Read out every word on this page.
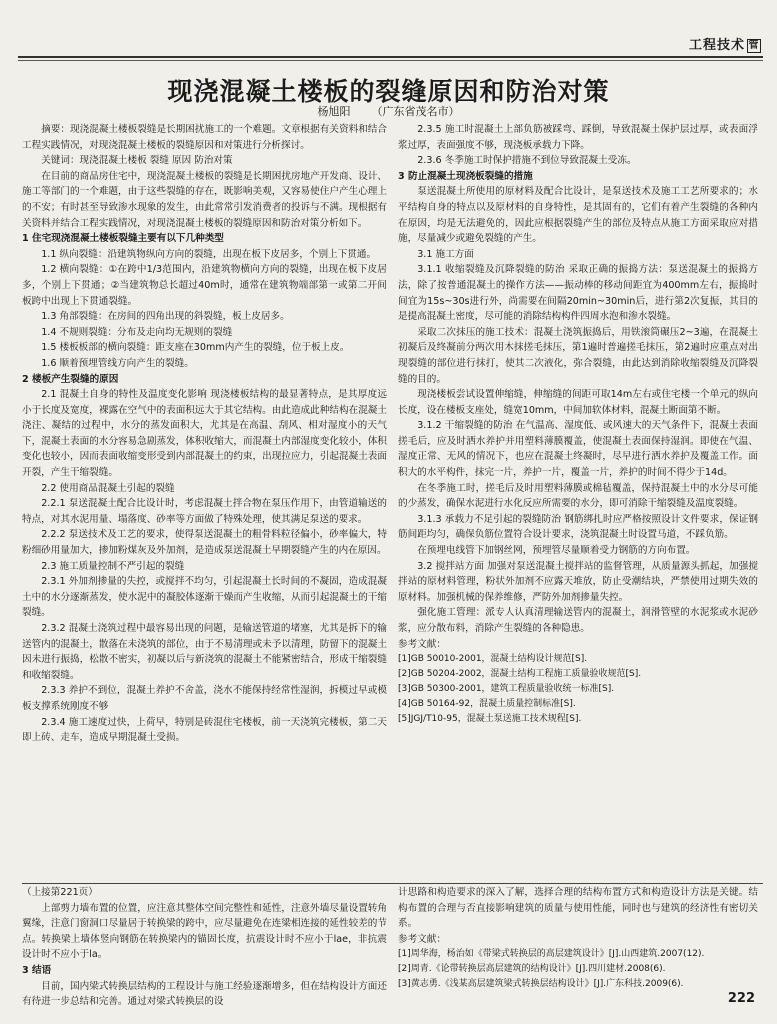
工程技术 管
现浇混凝土楼板的裂缝原因和防治对策
杨旭阳 （广东省茂名市）

摘要：现浇混凝土楼板裂缝是长期困扰施工的一个难题。文章根据有关资料和结合工程实践情况，对现浇混凝土楼板的裂缝原因和对策进行分析探讨。

关键词：现浇混凝土楼板 裂缝 原因 防治对策

在目前的商品房住宅中，现浇混凝土楼板的裂缝是长期困扰房地产开发商、设计、施工等部门的一个难题，由于这些裂缝的存在，既影响美观，又容易使住户产生心理上的不安；有时甚至导致渗水现象的发生，由此常常引发消费者的投诉与不满。现根据有关资料并结合工程实践情况，对现浇混凝土楼板的裂缝原因和防治对策分析如下。

1 住宅现浇混凝土楼板裂缝主要有以下几种类型

1.1 纵向裂缝：沿建筑物纵向方向的裂缝，出现在板下皮居多，个别上下贯通。

1.2 横向裂缝：①在跨中1/3范围内，沿建筑物横向方向的裂缝，出现在板下皮居多，个别上下贯通；②当建筑物总长超过40m时，通常在建筑物端部第一或第二开间板跨中出现上下贯通裂缝。

1.3 角部裂缝：在房间的四角出现的斜裂缝，板上皮居多。

1.4 不规则裂缝：分布及走向均无规则的裂缝

1.5 楼板板部的横向裂缝：距支座在30mm内产生的裂缝，位于板上皮。

1.6 顺着预埋管线方向产生的裂缝。

2 楼板产生裂缝的原因

2.1 混凝土自身的特性及温度变化影响 现浇楼板结构的最显著特点，是其厚度远小于长度及宽度，裸露在空气中的表面积远大于其它结构。由此造成此种结构在混凝土浇注、凝结的过程中，水分的蒸发面积大，尤其是在高温、刮风、相对湿度小的天气下，混凝土表面的水分容易急剧蒸发，体积收缩大，而混凝土内部湿度变化较小，体积变化也较小，因而表面收缩变形受到内部混凝土的约束，出现拉应力，引起混凝土表面开裂，产生干缩裂缝。

2.2 使用商品混凝土引起的裂缝

2.2.1 泵送混凝土配合比设计时，考虑混凝土拌合物在泵压作用下，由管道输送的特点，对其水泥用量、塌落度、砂率等方面做了特殊处理，使其满足泵送的要求。

2.2.2 泵送技术及工艺的要求，使得泵送混凝土的粗骨料粒径偏小，砂率偏大，特粉细砂用量加大，掺加粉煤灰及外加剂，是造成泵送混凝土早期裂缝产生的内在原因。

2.3 施工质量控制不严引起的裂缝

2.3.1 外加剂掺量的失控，或搅拌不均匀，引起混凝土长时间的不凝固，造成混凝土中的水分逐渐蒸发，使水泥中的凝胶体逐渐干燥而产生收缩，从而引起混凝土的干缩裂缝。

2.3.2 混凝土浇筑过程中最容易出现的问题，是输送管道的堵塞，尤其是拆下的输送管内的混凝土，散落在未浇筑的部位，由于不易清理或未予以清理，防留下的混凝土因未进行振捣，松散不密实，初凝以后与新浇筑的混凝土不能紧密结合，形成干缩裂缝和收缩裂缝。

2.3.3 养护不到位，混凝土养护不舍盖，浇水不能保持经常性湿润，拆模过早或模板支撑系统刚度不够

2.3.4 施工速度过快，上荷早，特别是砖混住宅楼板，前一天浇筑完楼板，第二天即上砖、走车，造成早期混凝土受损。

2.3.5 施工时混凝土上部负筋被踩弯、踩倒，导致混凝土保护层过厚，或表面浮浆过厚，表面强度不够，现浇板承载力下降。

2.3.6 冬季施工时保护措施不到位导致混凝土受冻。

3 防止混凝土现浇板裂缝的措施

泵送混凝土所使用的原材料及配合比设计，是泵送技术及施工工艺所要求的；水平结构自身的特点以及原材料的自身特性，是其固有的，它们有着产生裂缝的各种内在原因，均是无法避免的，因此应根据裂缝产生的部位及特点从施工方面采取应对措施，尽量减少或避免裂缝的产生。

3.1 施工方面

3.1.1 收缩裂缝及沉降裂缝的防治 采取正确的振捣方法：泵送混凝土的振捣方法，除了按普通混凝土的操作方法——振动棒的移动间距宜为400mm左右，振捣时间宜为15s~30s进行外，尚需要在间隔20min~30min后，进行第2次复振，其目的是提高混凝土密度，尽可能的消除结构构件四周水泡和渗水裂缝。

采取二次抹压的施工技术：混凝土浇筑振捣后，用铁滚筒碾压2~3遍，在混凝土初凝后及终凝前分两次用木抹搓毛抹压，第1遍时普遍搓毛抹压，第2遍时应重点对出现裂缝的部位进行抹打，使其二次液化，弥合裂缝，由此达到消除收缩裂缝及沉降裂缝的目的。

现浇楼板尝试设置伸缩缝，伸缩缝的间距可取14m左右或住宅楼一个单元的纵向长度，设在楼板支座处，缝宽10mm，中间加软体材料，混凝土断面第不断。

3.1.2 干缩裂缝的防治 在气温高、湿度低、或风速大的天气条件下，混凝土表面搓毛后，应及时洒水养护并用塑料薄膜覆盖，使混凝土表面保持湿润。即使在气温、湿度正常、无风的情况下，也应在混凝土终凝时，尽早进行洒水养护及覆盖工作。面积大的水平构件，抹完一片，养护一片，覆盖一片，养护的时间不得少于14d。

在冬季施工时，搓毛后及时用塑料薄膜或棉毡覆盖，保持混凝土中的水分尽可能的少蒸发，确保水泥进行水化反应所需要的水分，即可消除干缩裂缝及温度裂缝。

3.1.3 承载力不足引起的裂缝防治 钢筋绑扎时应严格按照设计文件要求，保证钢筋间距均匀，确保负筋位置符合设计要求，浇筑混凝土时设置马道，不踩负筋。

在预埋电线管下加钢丝网，预埋管尽量顺着受力钢筋的方向布置。

3.2 搅拌站方面 加强对泵送混凝土搅拌站的监督管理，从质量源头抓起，加强搅拌站的原材料管理，粉状外加剂不应露天堆放，防止受潮结块，严禁使用过期失效的原材料。加强机械的保养维修，严防外加剂掺量失控。

强化施工管理：派专人认真清理输送管内的混凝土，润滑管壁的水泥浆或水泥砂浆，应分散布料，消除产生裂缝的各种隐患。

参考文献：

[1]GB 50010-2001，混凝土结构设计规范[S].

[2]GB 50204-2002，混凝土结构工程施工质量验收规范[S].

[3]GB 50300-2001，建筑工程质量验收统一标准[S].

[4]GB 50164-92，混凝土质量控制标准[S].

[5]JGJ/T10-95，混凝土泵送施工技术规程[S].

（上接第221页）

上部剪力墙布置的位置，应注意其整体空间完整性和延性，注意外墙尽量设置转角翼缘，注意门窗洞口尽量居于转换梁的跨中，应尽量避免在连梁相连接的延性较差的节点。转换梁上墙体竖向钢筋在转换梁内的锚固长度，抗震设计时不应小于lae，非抗震设计时不应小于la。

3 结语

目前，国内梁式转换层结构的工程设计与施工经验逐渐增多，但在结构设计方面还有待进一步总结和完善。通过对梁式转换层的设

计思路和构造要求的深入了解，选择合理的结构布置方式和构造设计方法是关键。结构布置的合理与否直接影响建筑的质量与使用性能，同时也与建筑的经济性有密切关系。

参考文献：

[1]周华海，杨治如《带梁式转换层的高层建筑设计》[J].山西建筑.2007(12).

[2]周青.《论带转换层高层建筑的结构设计》[J].四川建材.2008(6).

[3]黄志勇.《浅某高层建筑梁式转换层结构设计》[J].广东科技.2009(6).

222
